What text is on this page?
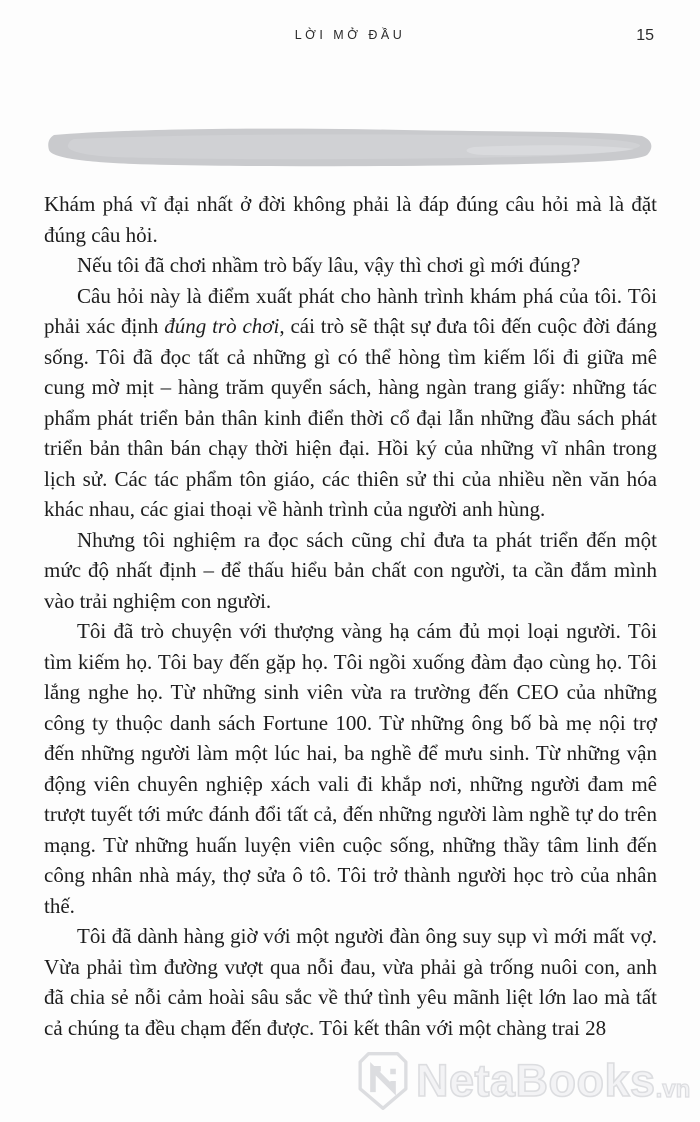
LỜI MỞ ĐẦU	15

Khám phá vĩ đại nhất ở đời không phải là đáp đúng câu hỏi mà là đặt đúng câu hỏi.

Nếu tôi đã chơi nhầm trò bấy lâu, vậy thì chơi gì mới đúng?

Câu hỏi này là điểm xuất phát cho hành trình khám phá của tôi. Tôi phải xác định đúng trò chơi, cái trò sẽ thật sự đưa tôi đến cuộc đời đáng sống. Tôi đã đọc tất cả những gì có thể hòng tìm kiếm lối đi giữa mê cung mờ mịt – hàng trăm quyển sách, hàng ngàn trang giấy: những tác phẩm phát triển bản thân kinh điển thời cổ đại lẫn những đầu sách phát triển bản thân bán chạy thời hiện đại. Hồi ký của những vĩ nhân trong lịch sử. Các tác phẩm tôn giáo, các thiên sử thi của nhiều nền văn hóa khác nhau, các giai thoại về hành trình của người anh hùng.

Nhưng tôi nghiệm ra đọc sách cũng chỉ đưa ta phát triển đến một mức độ nhất định – để thấu hiểu bản chất con người, ta cần đắm mình vào trải nghiệm con người.

Tôi đã trò chuyện với thượng vàng hạ cám đủ mọi loại người. Tôi tìm kiếm họ. Tôi bay đến gặp họ. Tôi ngồi xuống đàm đạo cùng họ. Tôi lắng nghe họ. Từ những sinh viên vừa ra trường đến CEO của những công ty thuộc danh sách Fortune 100. Từ những ông bố bà mẹ nội trợ đến những người làm một lúc hai, ba nghề để mưu sinh. Từ những vận động viên chuyên nghiệp xách vali đi khắp nơi, những người đam mê trượt tuyết tới mức đánh đổi tất cả, đến những người làm nghề tự do trên mạng. Từ những huấn luyện viên cuộc sống, những thầy tâm linh đến công nhân nhà máy, thợ sửa ô tô. Tôi trở thành người học trò của nhân thế.

Tôi đã dành hàng giờ với một người đàn ông suy sụp vì mới mất vợ. Vừa phải tìm đường vượt qua nỗi đau, vừa phải gà trống nuôi con, anh đã chia sẻ nỗi cảm hoài sâu sắc về thứ tình yêu mãnh liệt lớn lao mà tất cả chúng ta đều chạm đến được. Tôi kết thân với một chàng trai 28

NetaBooks .vn
